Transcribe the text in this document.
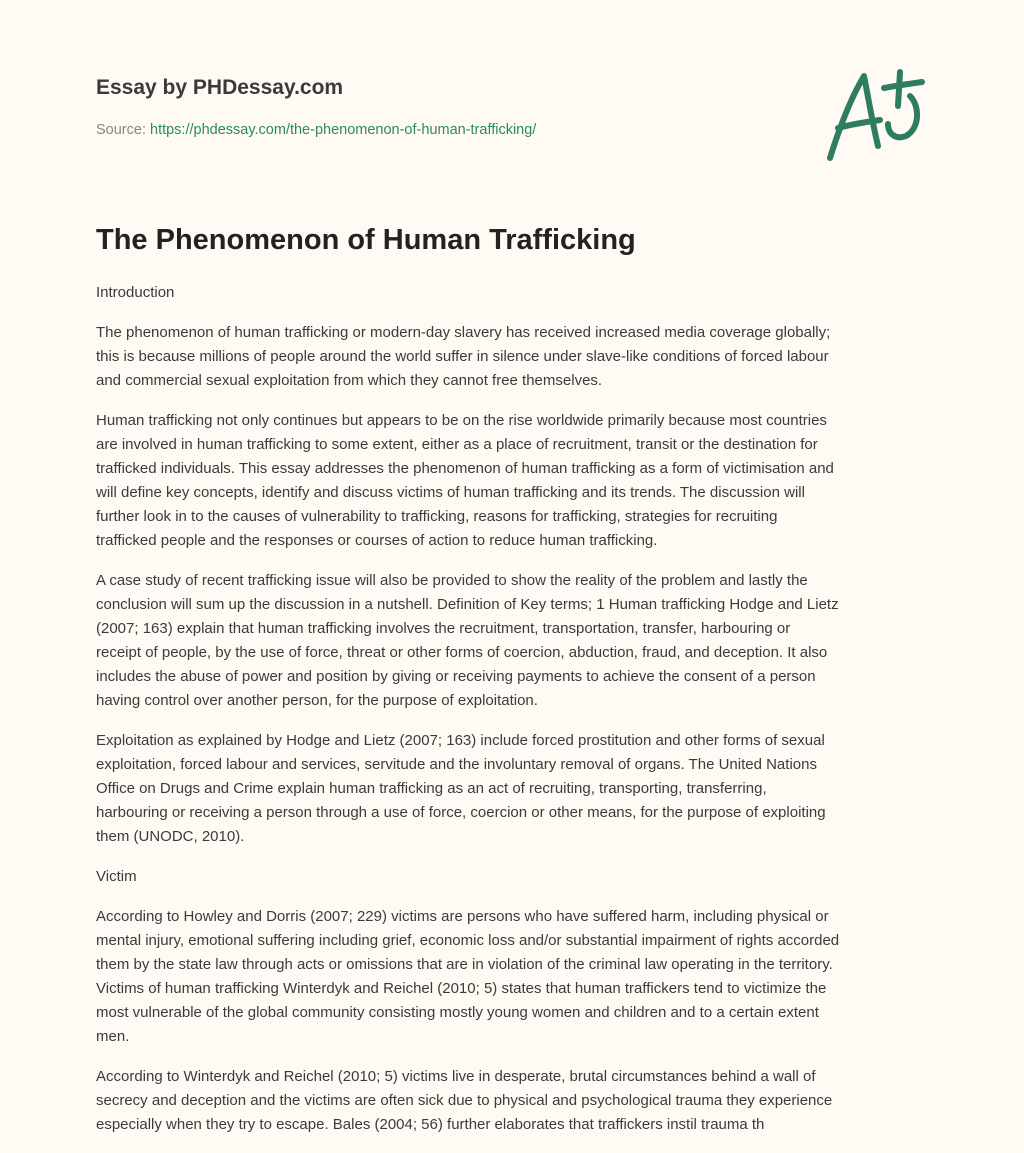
Essay by PHDessay.com
Source: https://phdessay.com/the-phenomenon-of-human-trafficking/
The Phenomenon of Human Trafficking

Introduction

The phenomenon of human trafficking or modern-day slavery has received increased media coverage globally;
this is because millions of people around the world suffer in silence under slave-like conditions of forced labour
and commercial sexual exploitation from which they cannot free themselves.

Human trafficking not only continues but appears to be on the rise worldwide primarily because most countries
are involved in human trafficking to some extent, either as a place of recruitment, transit or the destination for
trafficked individuals. This essay addresses the phenomenon of human trafficking as a form of victimisation and
will define key concepts, identify and discuss victims of human trafficking and its trends. The discussion will
further look in to the causes of vulnerability to trafficking, reasons for trafficking, strategies for recruiting
trafficked people and the responses or courses of action to reduce human trafficking.

A case study of recent trafficking issue will also be provided to show the reality of the problem and lastly the
conclusion will sum up the discussion in a nutshell. Definition of Key terms; 1 Human trafficking Hodge and Lietz
(2007; 163) explain that human trafficking involves the recruitment, transportation, transfer, harbouring or
receipt of people, by the use of force, threat or other forms of coercion, abduction, fraud, and deception. It also
includes the abuse of power and position by giving or receiving payments to achieve the consent of a person
having control over another person, for the purpose of exploitation.

Exploitation as explained by Hodge and Lietz (2007; 163) include forced prostitution and other forms of sexual
exploitation, forced labour and services, servitude and the involuntary removal of organs. The United Nations
Office on Drugs and Crime explain human trafficking as an act of recruiting, transporting, transferring,
harbouring or receiving a person through a use of force, coercion or other means, for the purpose of exploiting
them (UNODC, 2010).

Victim

According to Howley and Dorris (2007; 229) victims are persons who have suffered harm, including physical or
mental injury, emotional suffering including grief, economic loss and/or substantial impairment of rights accorded
them by the state law through acts or omissions that are in violation of the criminal law operating in the territory.
Victims of human trafficking Winterdyk and Reichel (2010; 5) states that human traffickers tend to victimize the
most vulnerable of the global community consisting mostly young women and children and to a certain extent
men.

According to Winterdyk and Reichel (2010; 5) victims live in desperate, brutal circumstances behind a wall of
secrecy and deception and the victims are often sick due to physical and psychological trauma they experience
especially when they try to escape. Bales (2004; 56) further elaborates that traffickers instil trauma th
